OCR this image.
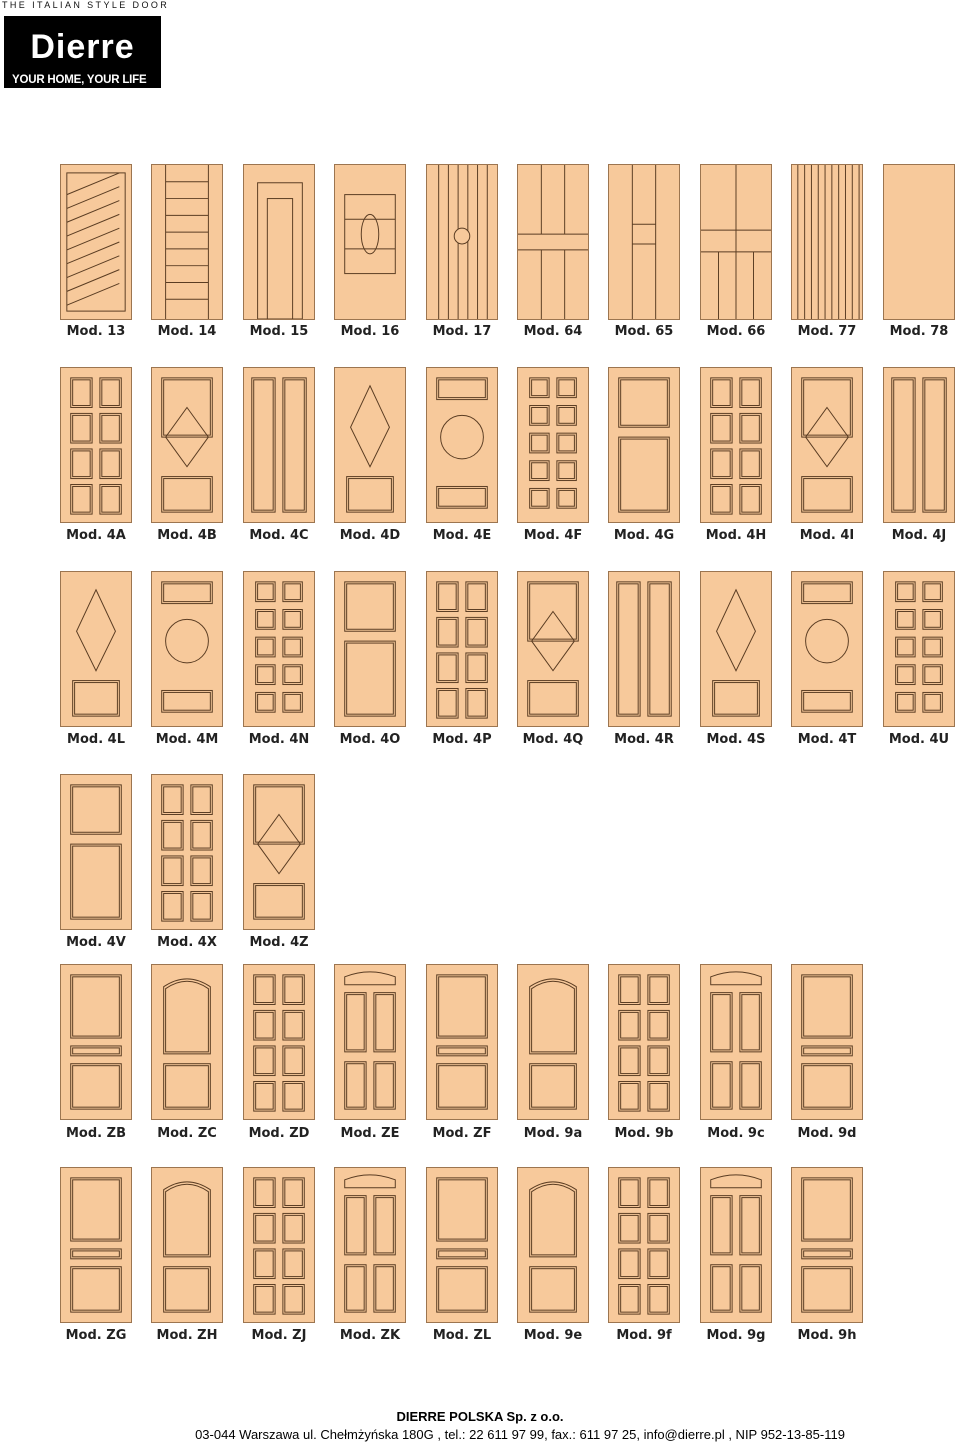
THE ITALIAN STYLE DOOR
Dierre
YOUR HOME, YOUR LIFE
Mod. 13	Mod. 14	Mod. 15	Mod. 16	Mod. 17	Mod. 64	Mod. 65	Mod. 66	Mod. 77	Mod. 78
Mod. 4A	Mod. 4B	Mod. 4C	Mod. 4D	Mod. 4E	Mod. 4F	Mod. 4G	Mod. 4H	Mod. 4I	Mod. 4J
Mod. 4L	Mod. 4M	Mod. 4N	Mod. 4O	Mod. 4P	Mod. 4Q	Mod. 4R	Mod. 4S	Mod. 4T	Mod. 4U
Mod. 4V	Mod. 4X	Mod. 4Z
Mod. ZB	Mod. ZC	Mod. ZD	Mod. ZE	Mod. ZF	Mod. 9a	Mod. 9b	Mod. 9c	Mod. 9d
Mod. ZG	Mod. ZH	Mod. ZJ	Mod. ZK	Mod. ZL	Mod. 9e	Mod. 9f	Mod. 9g	Mod. 9h
DIERRE POLSKA Sp. z o.o.
03-044 Warszawa ul. Chełmżyńska 180G , tel.: 22 611 97 99, fax.: 611 97 25, info@dierre.pl , NIP 952-13-85-119
